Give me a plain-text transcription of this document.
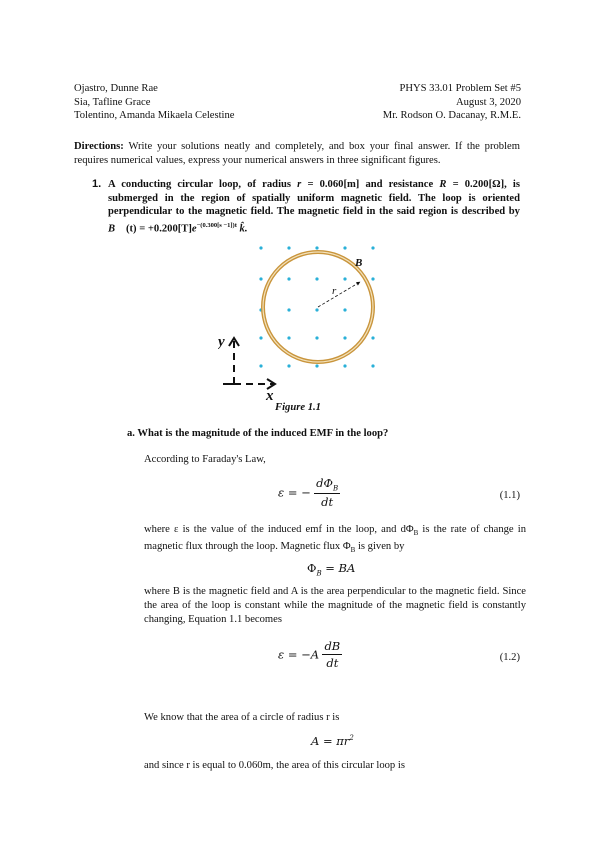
Ojastro, Dunne Rae
Sia, Tafline Grace
Tolentino, Amanda Mikaela Celestine
PHYS 33.01 Problem Set #5
August 3, 2020
Mr. Rodson O. Dacanay, R.M.E.
Directions: Write your solutions neatly and completely, and box your final answer. If the problem requires numerical values, express your numerical answers in three significant figures.
1. A conducting circular loop, of radius r = 0.060[m] and resistance R = 0.200[Ω], is submerged in the region of spatially uniform magnetic field. The loop is oriented perpendicular to the magnetic field. The magnetic field in the said region is described by B⃗ $(t) = +0.200[T]e^{-(0.300[s -1])t}$ k̂.
r
B⃗
y
x
Figure 1.1
a. What is the magnitude of the induced EMF in the loop?
According to Faraday's Law,
ε = − $\frac{d\Phi_B}{dt}$	(1.1)
where ε is the value of the induced emf in the loop, and $d\Phi_B$ is the rate of change in magnetic flux through the loop. Magnetic flux $\Phi_B$ is given by
$\Phi_B$ = BA
where B is the magnetic field and A is the area perpendicular to the magnetic field. Since the area of the loop is constant while the magnitude of the magnetic field is constantly changing, Equation 1.1 becomes
$\varepsilon = -A \frac{dB}{dt}$	(1.2)
We know that the area of a circle of radius r is
$A = \pi r^2$
and since r is equal to 0.060m, the area of this circular loop is
